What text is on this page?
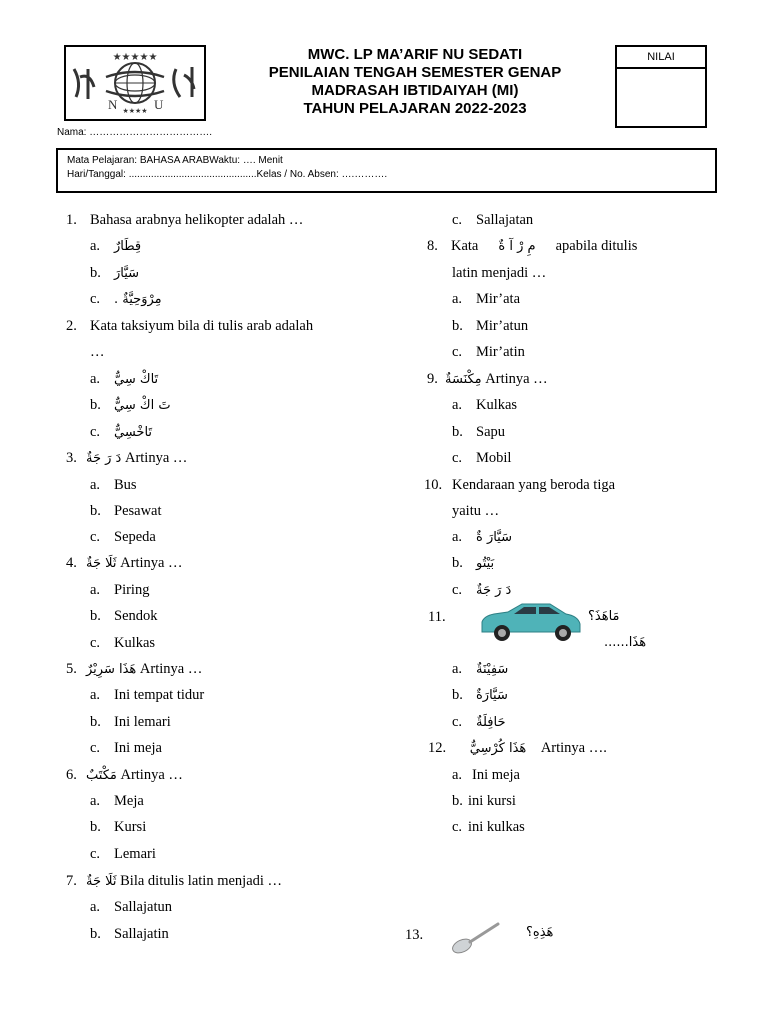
★★★★★
★★★★
N	U
MWC. LP MA’ARIF NU SEDATI
PENILAIAN TENGAH SEMESTER GENAP
MADRASAH IBTIDAIYAH (MI)
TAHUN PELAJARAN 2022-2023
NILAI
Nama: ……………………………….
Mata Pelajaran: BAHASA ARABWaktu: …. Menit
Hari/Tanggal: ..............................................Kelas / No. Absen: ….……….
1. Bahasa arabnya helikopter adalah …
a. قِطَارٌ
b. سَيَّارَ
c. مِرْوَحِيَّةٌ .
2. Kata taksiyum bila di tulis arab adalah
…
a. تَاكْ سِيٌّ
b. تَ اكْ سِيٌّ
c. تَاخْسِيٌّ
3. دَ رَ جَةٌ Artinya …
a. Bus
b. Pesawat
c. Sepeda
4. ثَلَا جَةٌ Artinya …
a. Piring
b. Sendok
c. Kulkas
5. هَذَا سَرِيْرٌ Artinya …
a. Ini tempat tidur
b. Ini lemari
c. Ini meja
6. مَكْتَبٌ Artinya …
a. Meja
b. Kursi
c. Lemari
7. ثَلَا جَةٌ Bila ditulis latin menjadi …
a. Sallajatun
b. Sallajatin	13.	هَذِهِ؟
c. Sallajatan
8. Kata مِ رْ آ ةٌ apabila ditulis
latin menjadi …
a. Mir’ata
b. Mir’atun
c. Mir’atin
9. مِكْنَسَةٌ Artinya …
a. Kulkas
b. Sapu
c. Mobil
10. Kendaraan yang beroda tiga
yaitu …
a. سَيَّارَ ةٌ
b. بَيْتُو
c. دَ رَ جَةٌ
11.	مَاهَذَ؟
هَذَا......
a. سَفِيْنَةٌ
b. سَيَّارَةٌ
c. حَافِلَةٌ
12. هَذَا كُرْسِيٌّ Artinya ….
a. Ini meja
b. ini kursi
c. ini kulkas
